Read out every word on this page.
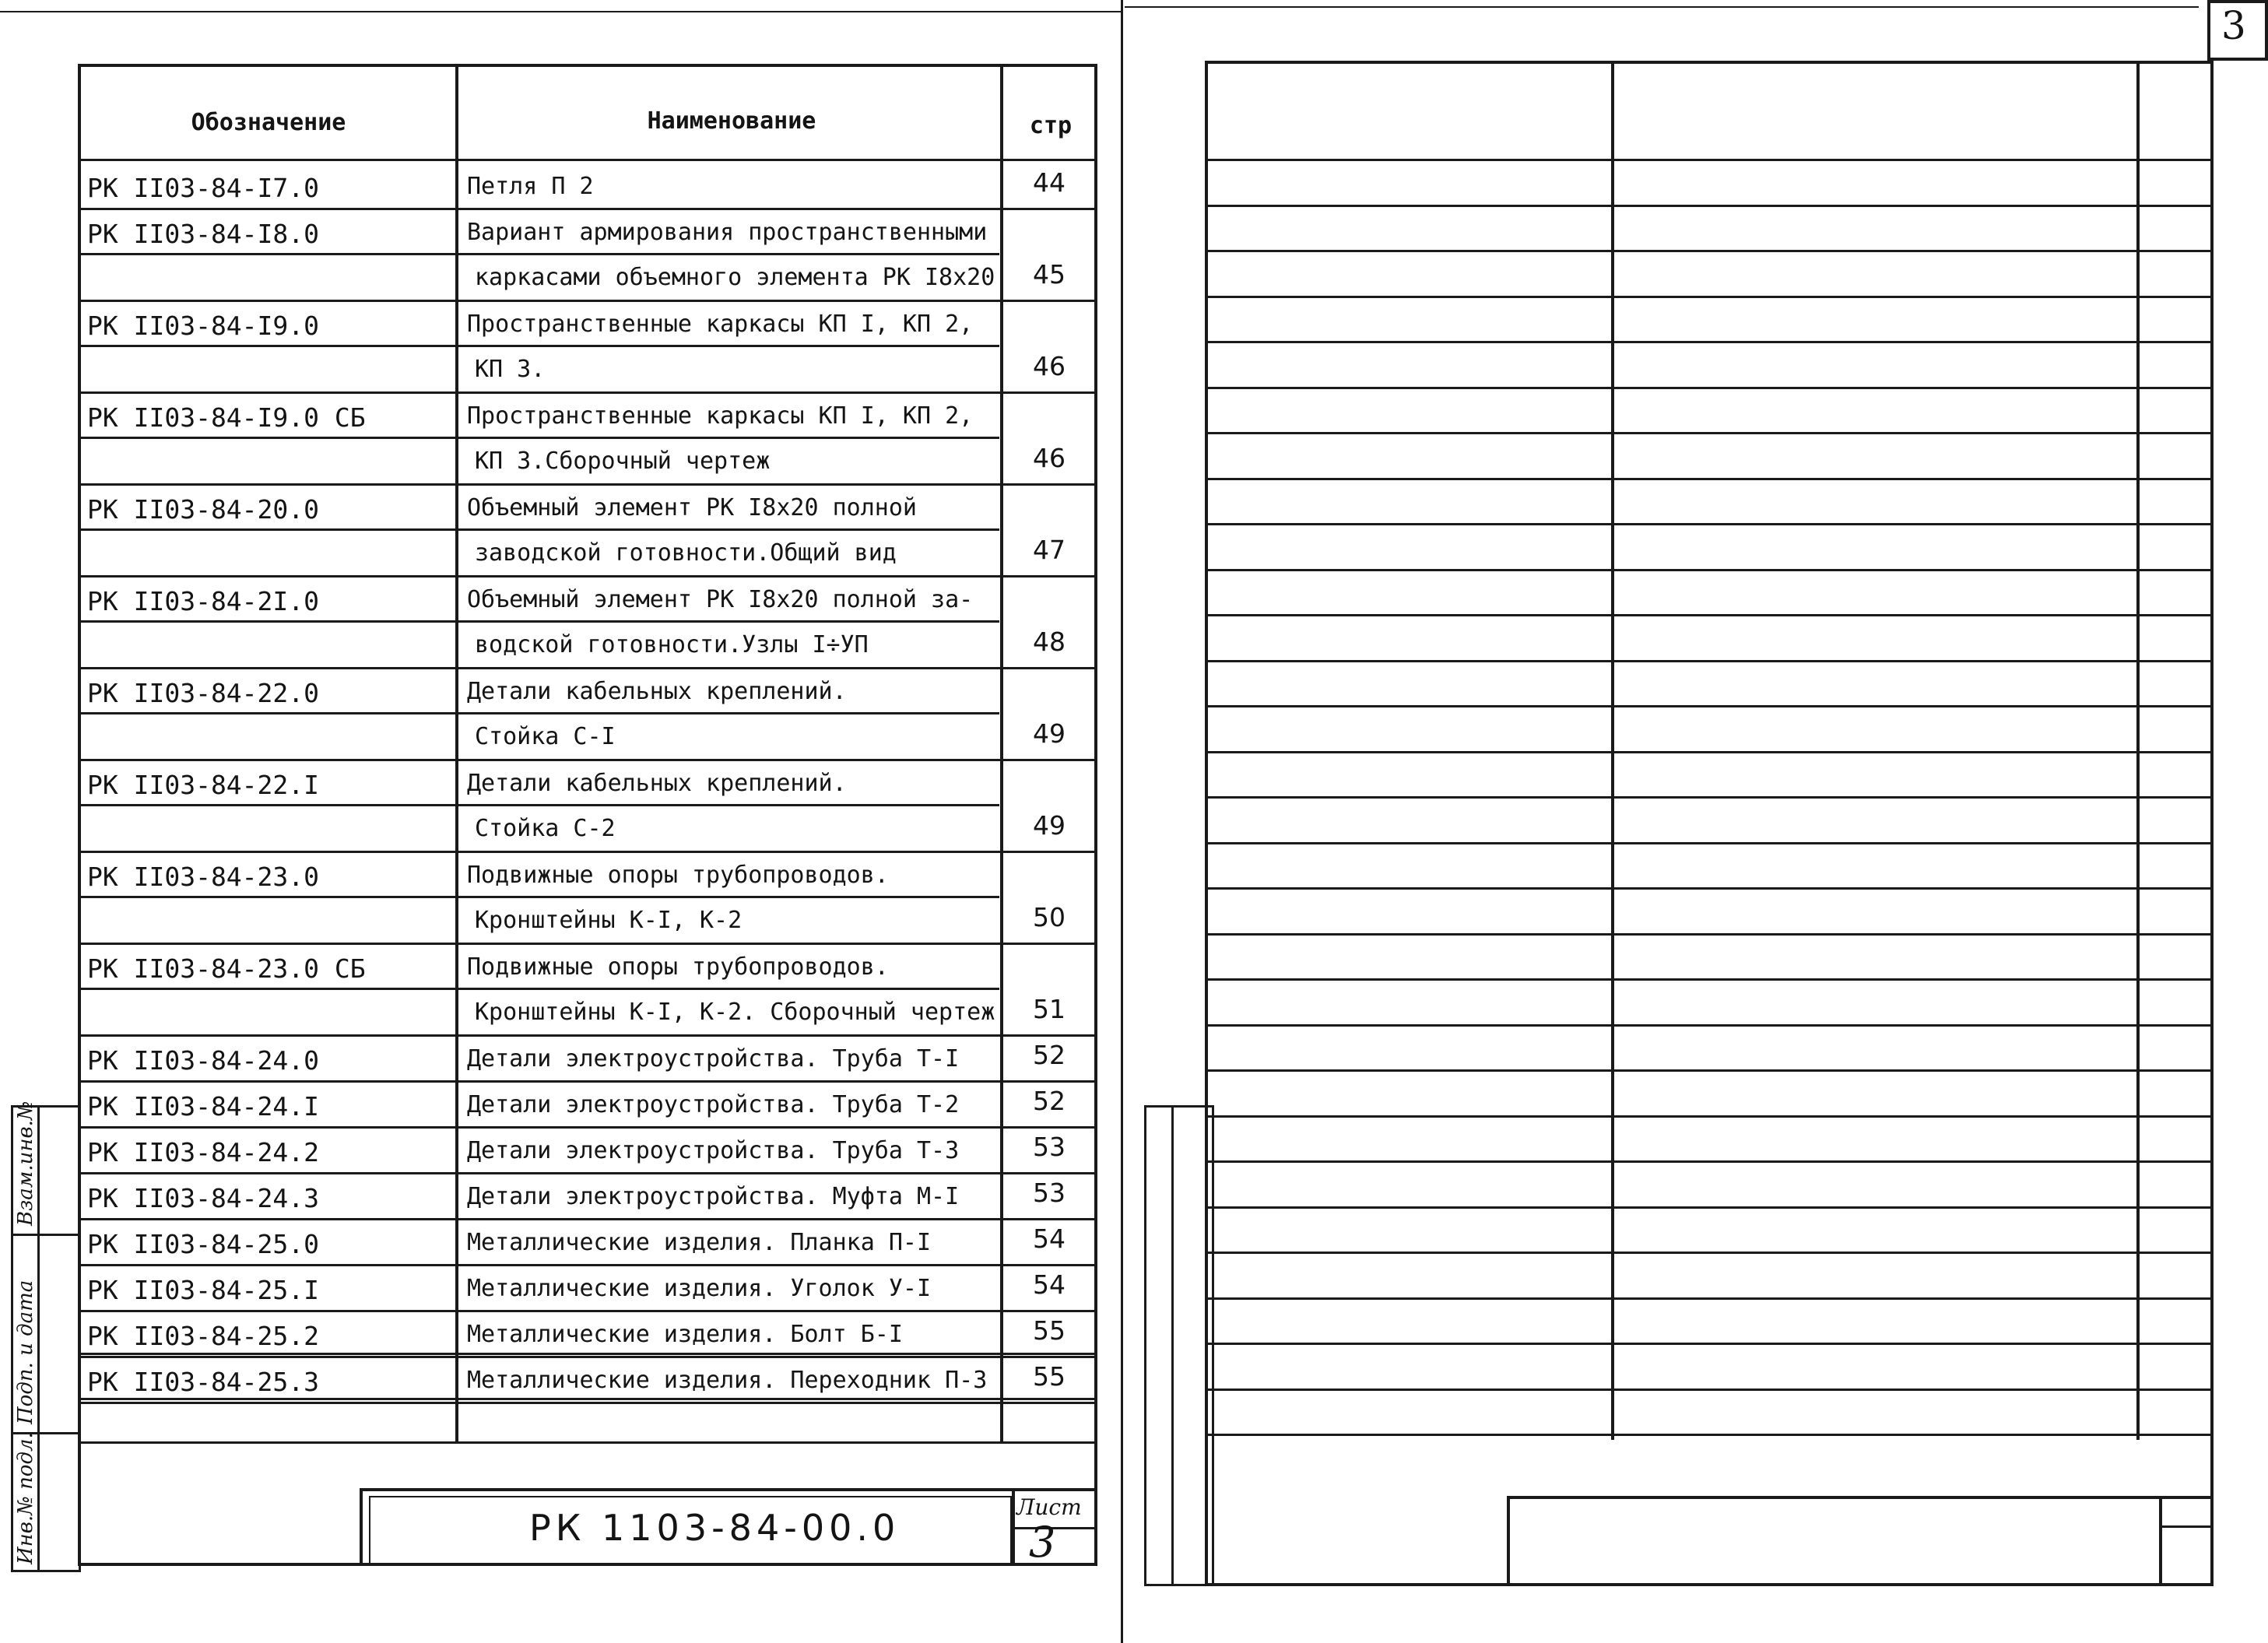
3
Обозначение	Наименование	стр
РК II03-84-I7.0	Петля П 2	44
РК II03-84-I8.0	Вариант армирования пространственными
каркасами объемного элемента РК I8х20	45
РК II03-84-I9.0	Пространственные каркасы КП I, КП 2,
КП 3.	46
РК II03-84-I9.0 СБ	Пространственные каркасы КП I, КП 2,
КП 3.Сборочный чертеж	46
РК II03-84-20.0	Объемный элемент РК I8х20 полной
заводской готовности.Общий вид	47
РК II03-84-2I.0	Объемный элемент РК I8х20 полной за-
водской готовности.Узлы I÷УП	48
РК II03-84-22.0	Детали кабельных креплений.
Стойка С-I	49
РК II03-84-22.I	Детали кабельных креплений.
Стойка С-2	49
РК II03-84-23.0	Подвижные опоры трубопроводов.
Кронштейны К-I, К-2	50
РК II03-84-23.0 СБ	Подвижные опоры трубопроводов.
Кронштейны К-I, К-2. Сборочный чертеж	51
РК II03-84-24.0	Детали электроустройства. Труба Т-I	52
РК II03-84-24.I	Детали электроустройства. Труба Т-2	52
РК II03-84-24.2	Детали электроустройства. Труба Т-3	53
РК II03-84-24.3	Детали электроустройства. Муфта М-I	53
РК II03-84-25.0	Металлические изделия. Планка П-I	54
РК II03-84-25.I	Металлические изделия. Уголок У-I	54
РК II03-84-25.2	Металлические изделия. Болт Б-I	55
РК II03-84-25.3	Металлические изделия. Переходник П-3	55
РК 1103-84-00.0	Лист
3
Инв.№ подл.
Подп. и дата
Взам.инв.№
